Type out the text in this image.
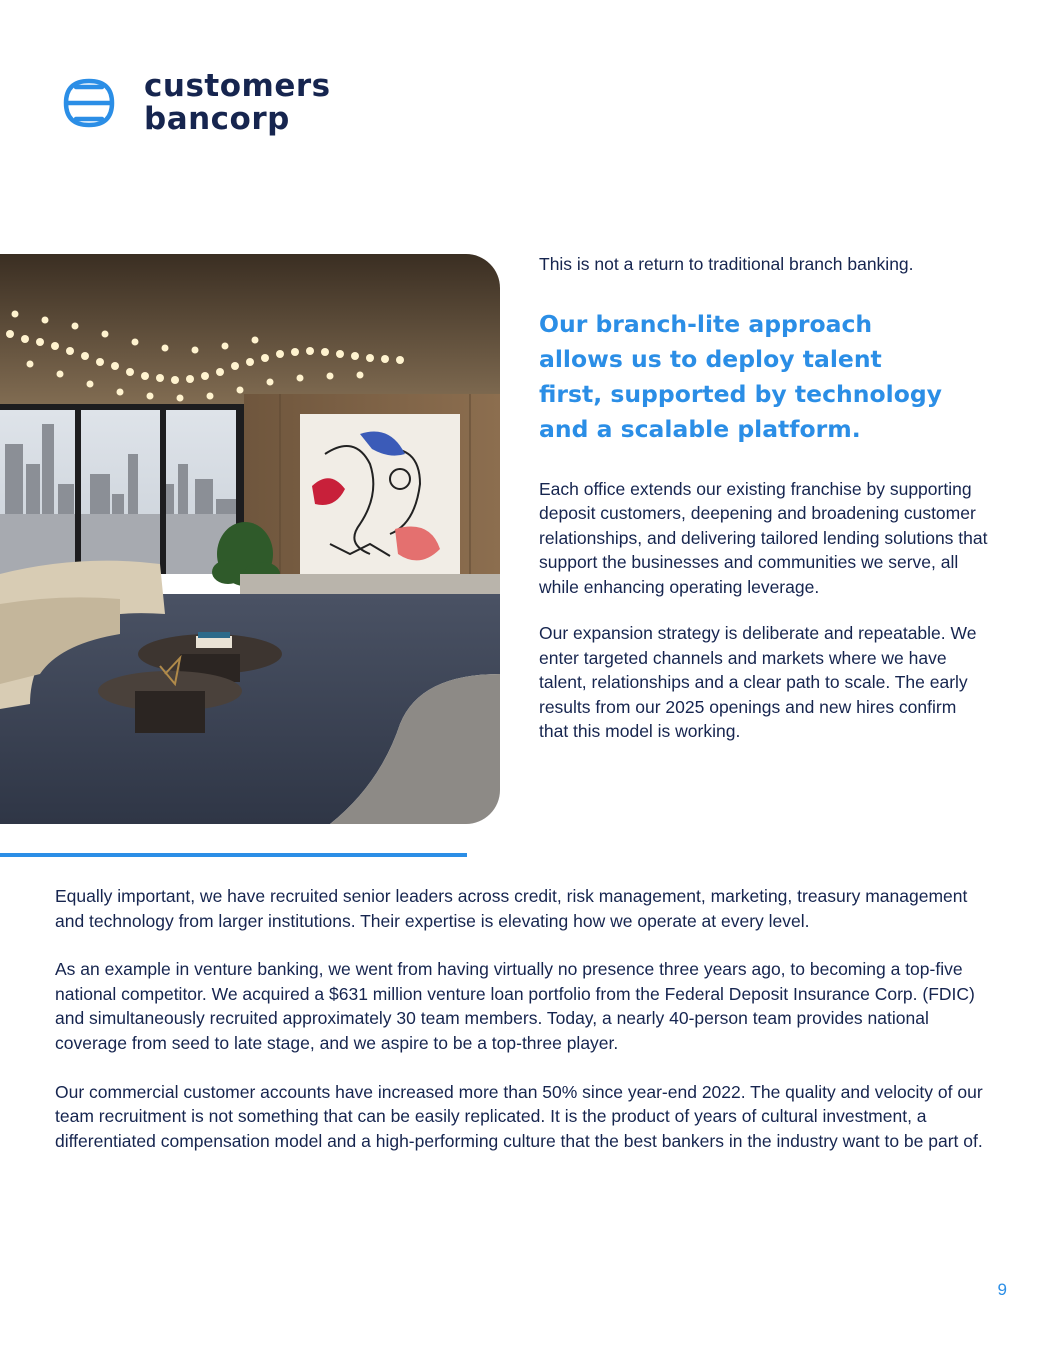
customers
bancorp

This is not a return to traditional branch banking.

Our branch-lite approach allows us to deploy talent first, supported by technology and a scalable platform.

Each office extends our existing franchise by supporting deposit customers, deepening and broadening customer relationships, and delivering tailored lending solutions that support the businesses and communities we serve, all while enhancing operating leverage.

Our expansion strategy is deliberate and repeatable. We enter targeted channels and markets where we have talent, relationships and a clear path to scale. The early results from our 2025 openings and new hires confirm that this model is working.

Equally important, we have recruited senior leaders across credit, risk management, marketing, treasury management and technology from larger institutions. Their expertise is elevating how we operate at every level.

As an example in venture banking, we went from having virtually no presence three years ago, to becoming a top-five national competitor. We acquired a $631 million venture loan portfolio from the Federal Deposit Insurance Corp. (FDIC) and simultaneously recruited approximately 30 team members. Today, a nearly 40-person team provides national coverage from seed to late stage, and we aspire to be a top-three player.

Our commercial customer accounts have increased more than 50% since year-end 2022. The quality and velocity of our team recruitment is not something that can be easily replicated. It is the product of years of cultural investment, a differentiated compensation model and a high-performing culture that the best bankers in the industry want to be part of.

9
